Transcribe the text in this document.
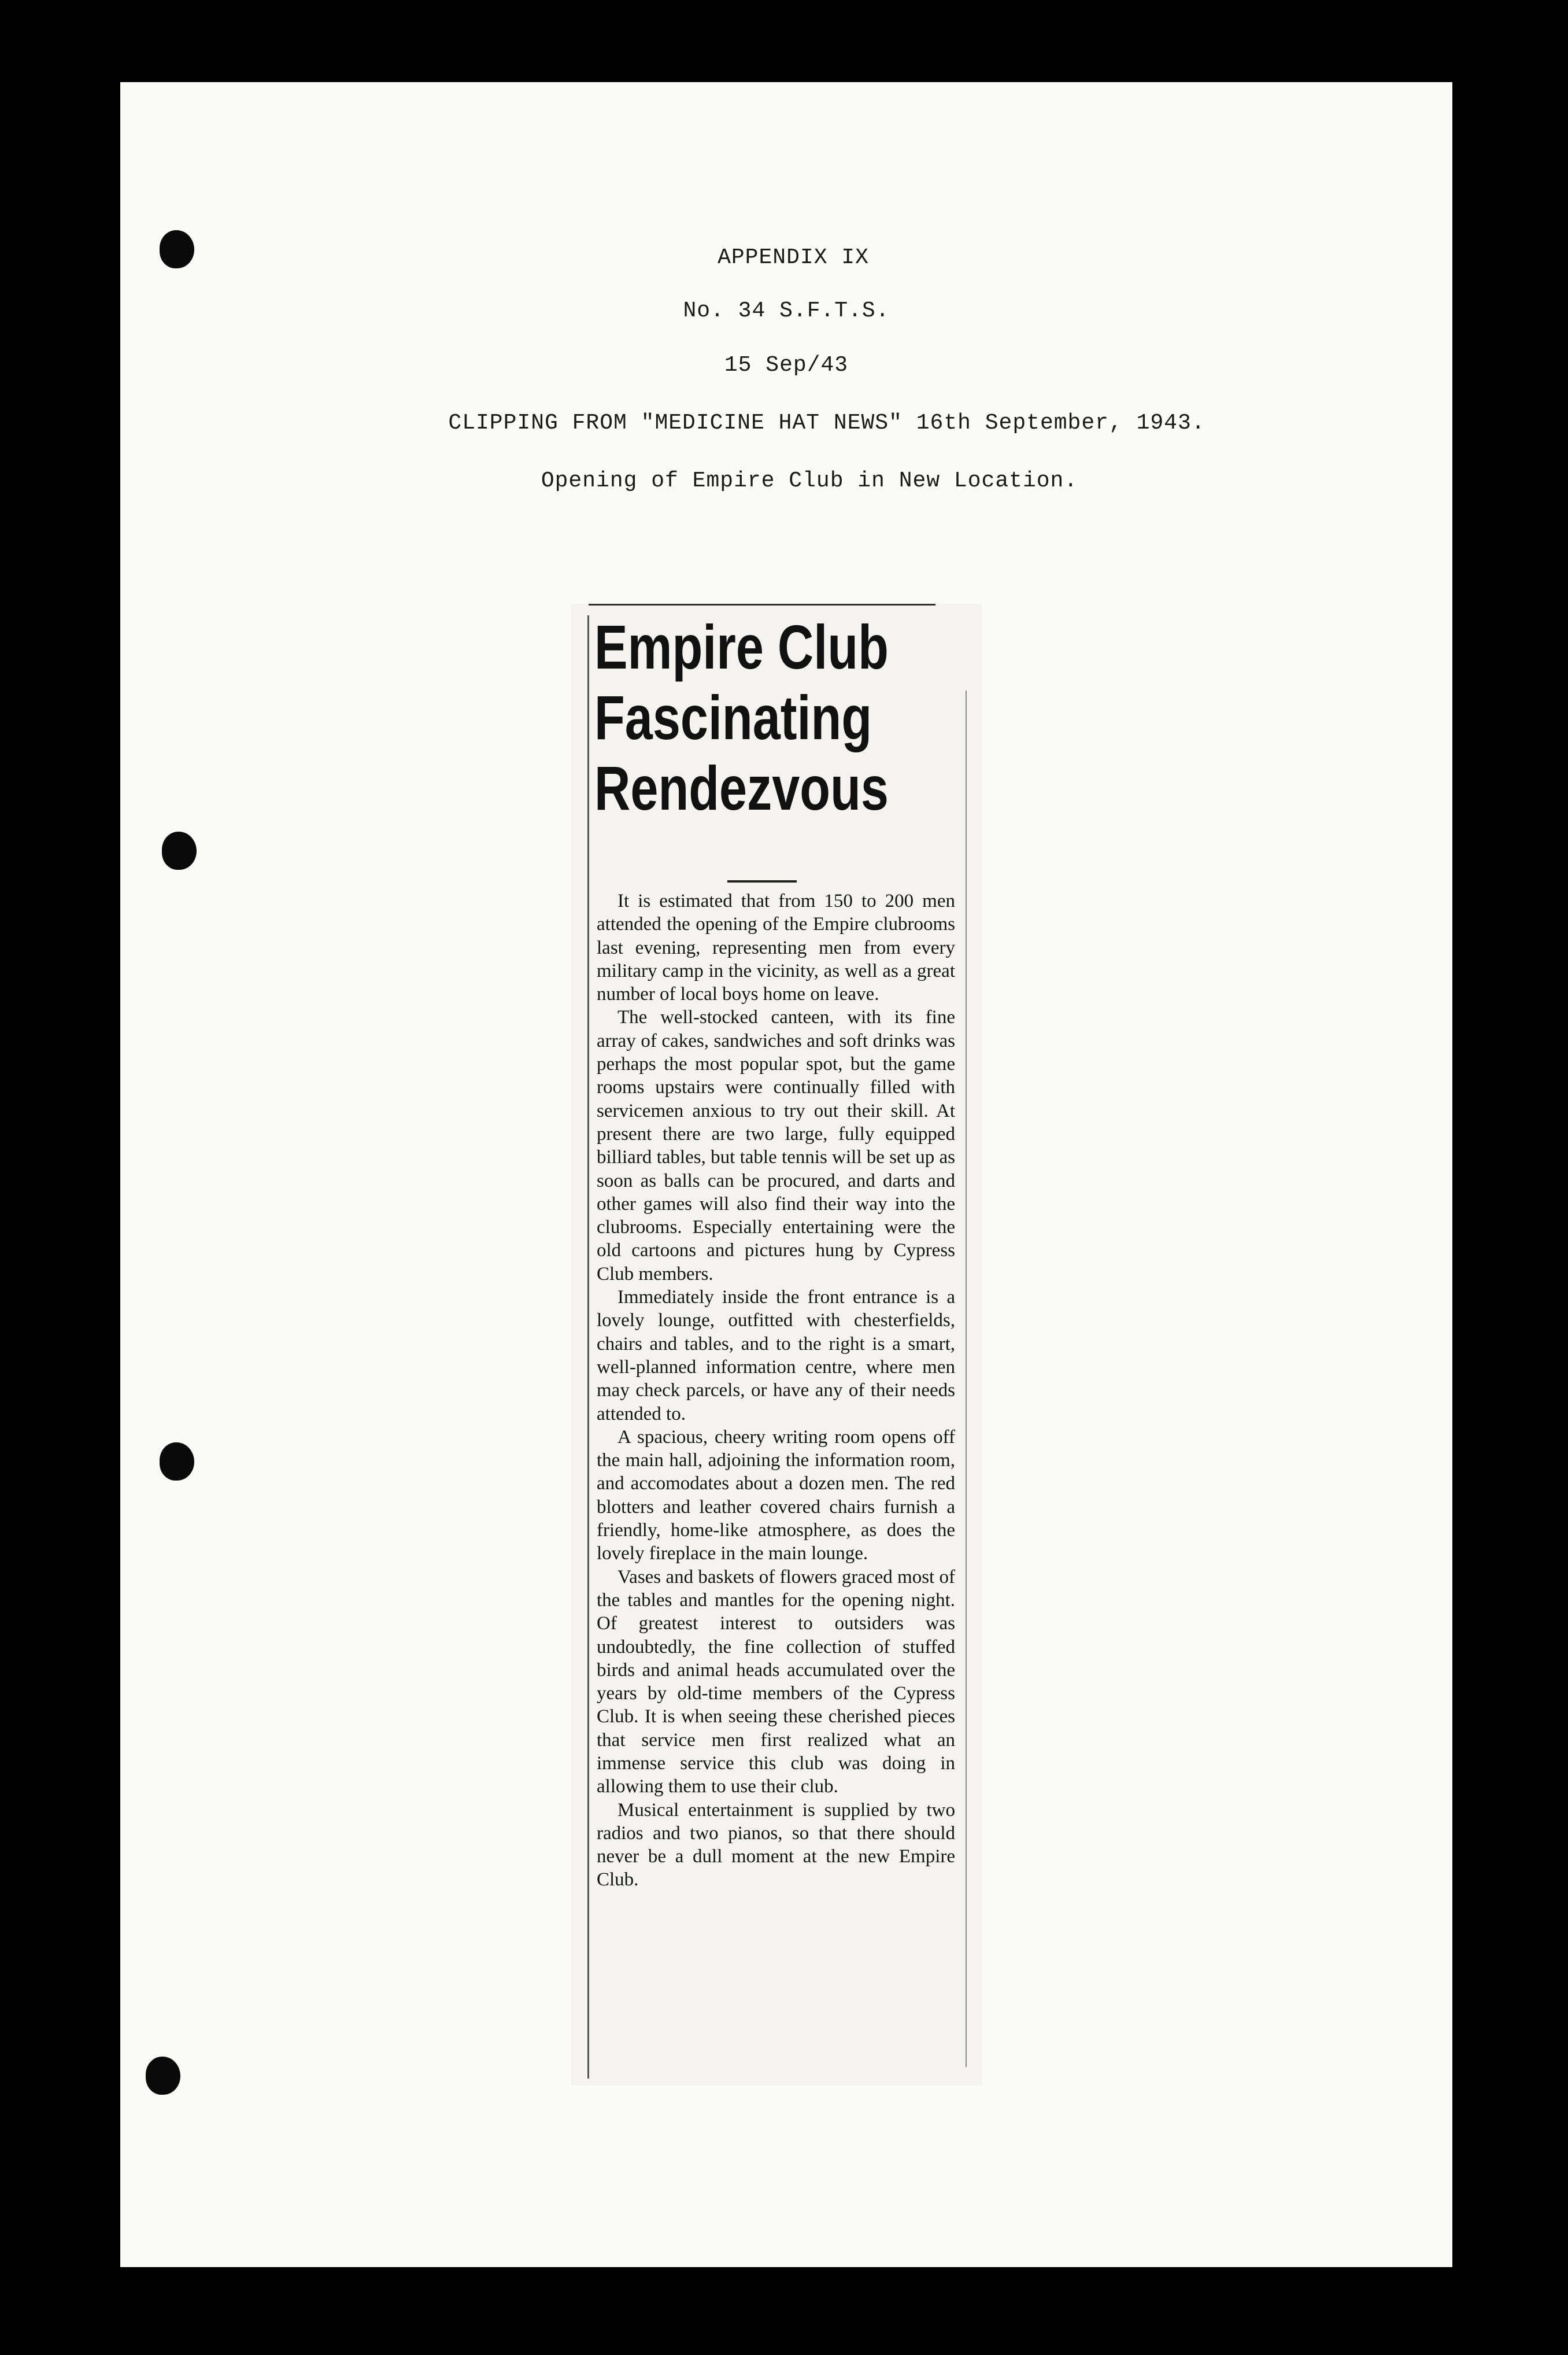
APPENDIX IX
No. 34 S.F.T.S.
15 Sep/43
CLIPPING FROM "MEDICINE HAT NEWS" 16th September, 1943.
Opening of Empire Club in New Location.
Empire Club
Fascinating
Rendezvous

It is estimated that from 150 to 200 men attended the opening of the Empire clubrooms last evening, representing men from every military camp in the vicinity, as well as a great number of local boys home on leave.

The well-stocked canteen, with its fine array of cakes, sandwiches and soft drinks was perhaps the most popular spot, but the game rooms upstairs were continually filled with servicemen anxious to try out their skill. At present there are two large, fully equipped billiard tables, but table tennis will be set up as soon as balls can be procured, and darts and other games will also find their way into the clubrooms. Especially entertaining were the old cartoons and pictures hung by Cypress Club members.

Immediately inside the front entrance is a lovely lounge, outfitted with chesterfields, chairs and tables, and to the right is a smart, well-planned information centre, where men may check parcels, or have any of their needs attended to.

A spacious, cheery writing room opens off the main hall, adjoining the information room, and accomodates about a dozen men. The red blotters and leather covered chairs furnish a friendly, home-like atmosphere, as does the lovely fireplace in the main lounge.

Vases and baskets of flowers graced most of the tables and mantles for the opening night. Of greatest interest to outsiders was undoubtedly, the fine collection of stuffed birds and animal heads accumulated over the years by old-time members of the Cypress Club. It is when seeing these cherished pieces that service men first realized what an immense service this club was doing in allowing them to use their club.

Musical entertainment is supplied by two radios and two pianos, so that there should never be a dull moment at the new Empire Club.
